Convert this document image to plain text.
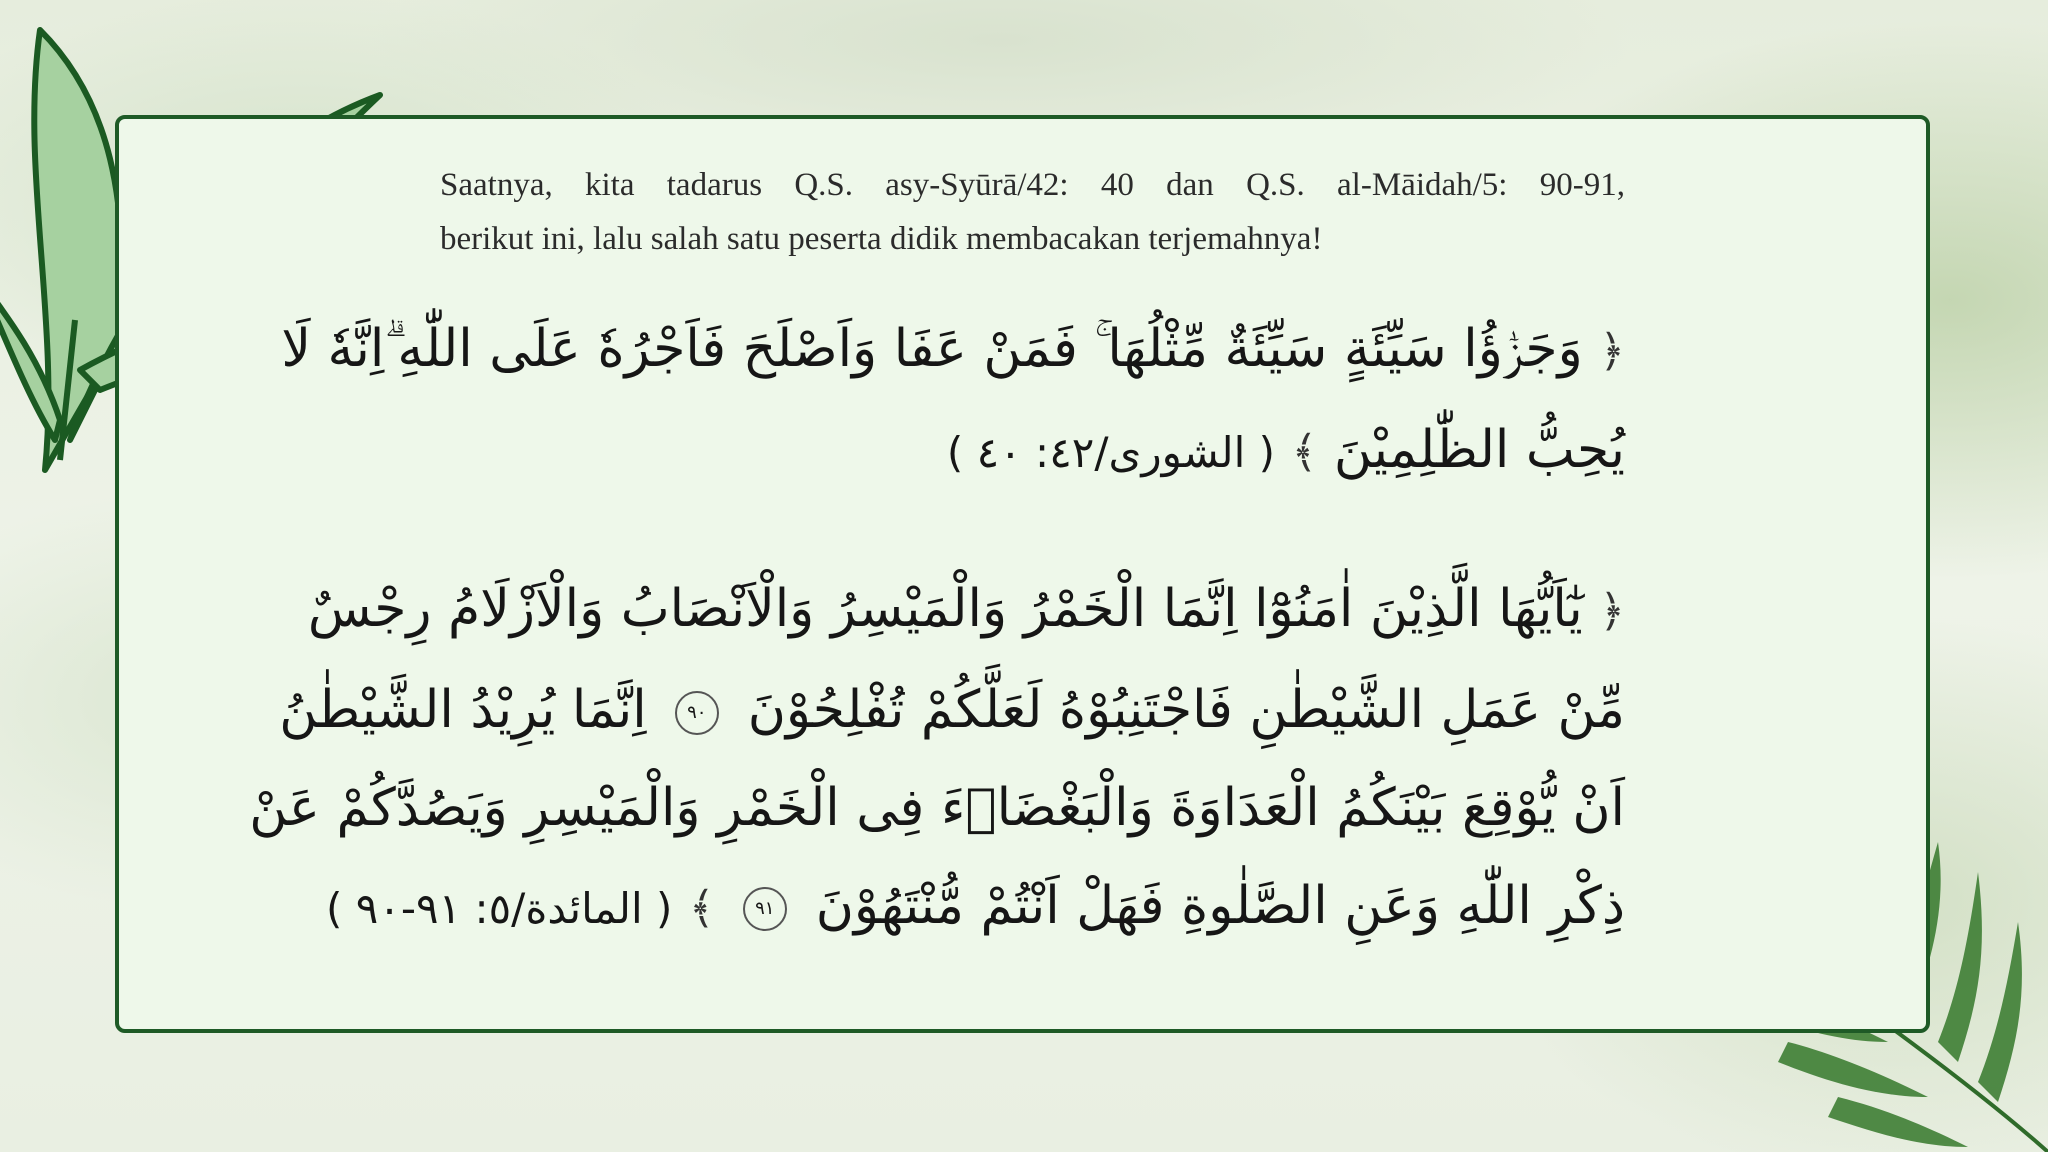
Saatnya, kita tadarus Q.S. asy-Syūrā/42: 40 dan Q.S. al-Māidah/5: 90-91,
berikut ini, lalu salah satu peserta didik membacakan terjemahnya!
﴿ وَجَزٰۤؤُا سَيِّئَةٍ سَيِّئَةٌ مِّثْلُهَا ۚ فَمَنْ عَفَا وَاَصْلَحَ فَاَجْرُهٗ عَلَى اللّٰهِ ۗاِنَّهٗ لَا
يُحِبُّ الظّٰلِمِيْنَ ﴾ ( الشورى/٤٢: ٤٠ )
﴿ يٰٓاَيُّهَا الَّذِيْنَ اٰمَنُوْٓا اِنَّمَا الْخَمْرُ وَالْمَيْسِرُ وَالْاَنْصَابُ وَالْاَزْلَامُ رِجْسٌ
مِّنْ عَمَلِ الشَّيْطٰنِ فَاجْتَنِبُوْهُ لَعَلَّكُمْ تُفْلِحُوْنَ ٩٠ اِنَّمَا يُرِيْدُ الشَّيْطٰنُ
اَنْ يُّوْقِعَ بَيْنَكُمُ الْعَدَاوَةَ وَالْبَغْضَاۤءَ فِى الْخَمْرِ وَالْمَيْسِرِ وَيَصُدَّكُمْ عَنْ
ذِكْرِ اللّٰهِ وَعَنِ الصَّلٰوةِ فَهَلْ اَنْتُمْ مُّنْتَهُوْنَ ٩١ ﴾ ( المائدة/٥: ٩١-٩٠ )
